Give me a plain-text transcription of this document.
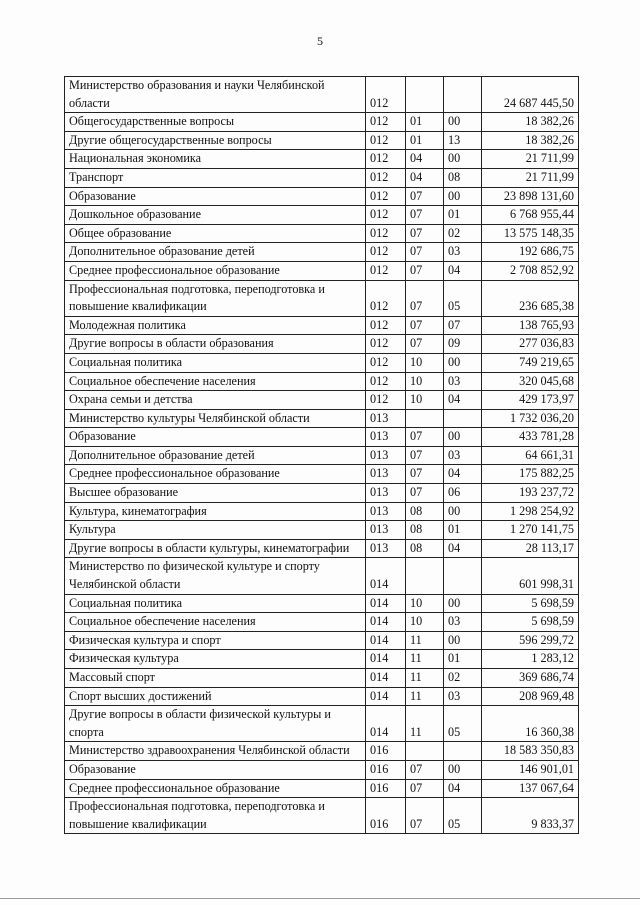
5
Министерство образования и науки Челябинской области	012			24 687 445,50
Общегосударственные вопросы	012	01	00	18 382,26
Другие общегосударственные вопросы	012	01	13	18 382,26
Национальная экономика	012	04	00	21 711,99
Транспорт	012	04	08	21 711,99
Образование	012	07	00	23 898 131,60
Дошкольное образование	012	07	01	6 768 955,44
Общее образование	012	07	02	13 575 148,35
Дополнительное образование детей	012	07	03	192 686,75
Среднее профессиональное образование	012	07	04	2 708 852,92
Профессиональная подготовка, переподготовка и повышение квалификации	012	07	05	236 685,38
Молодежная политика	012	07	07	138 765,93
Другие вопросы в области образования	012	07	09	277 036,83
Социальная политика	012	10	00	749 219,65
Социальное обеспечение населения	012	10	03	320 045,68
Охрана семьи и детства	012	10	04	429 173,97
Министерство культуры Челябинской области	013			1 732 036,20
Образование	013	07	00	433 781,28
Дополнительное образование детей	013	07	03	64 661,31
Среднее профессиональное образование	013	07	04	175 882,25
Высшее образование	013	07	06	193 237,72
Культура, кинематография	013	08	00	1 298 254,92
Культура	013	08	01	1 270 141,75
Другие вопросы в области культуры, кинематографии	013	08	04	28 113,17
Министерство по физической культуре и спорту Челябинской области	014			601 998,31
Социальная политика	014	10	00	5 698,59
Социальное обеспечение населения	014	10	03	5 698,59
Физическая культура и спорт	014	11	00	596 299,72
Физическая культура	014	11	01	1 283,12
Массовый спорт	014	11	02	369 686,74
Спорт высших достижений	014	11	03	208 969,48
Другие вопросы в области физической культуры и спорта	014	11	05	16 360,38
Министерство здравоохранения Челябинской области	016			18 583 350,83
Образование	016	07	00	146 901,01
Среднее профессиональное образование	016	07	04	137 067,64
Профессиональная подготовка, переподготовка и повышение квалификации	016	07	05	9 833,37
